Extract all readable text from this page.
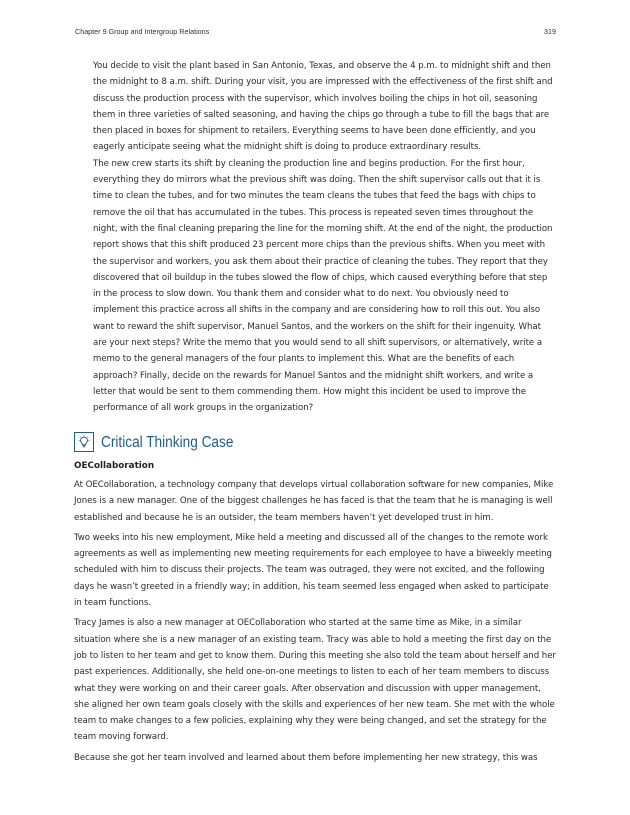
Chapter 9 Group and Intergroup Relations	319

You decide to visit the plant based in San Antonio, Texas, and observe the 4 p.m. to midnight shift and then the midnight to 8 a.m. shift. During your visit, you are impressed with the effectiveness of the first shift and discuss the production process with the supervisor, which involves boiling the chips in hot oil, seasoning them in three varieties of salted seasoning, and having the chips go through a tube to fill the bags that are then placed in boxes for shipment to retailers. Everything seems to have been done efficiently, and you eagerly anticipate seeing what the midnight shift is doing to produce extraordinary results.

The new crew starts its shift by cleaning the production line and begins production. For the first hour, everything they do mirrors what the previous shift was doing. Then the shift supervisor calls out that it is time to clean the tubes, and for two minutes the team cleans the tubes that feed the bags with chips to remove the oil that has accumulated in the tubes. This process is repeated seven times throughout the night, with the final cleaning preparing the line for the morning shift. At the end of the night, the production report shows that this shift produced 23 percent more chips than the previous shifts. When you meet with the supervisor and workers, you ask them about their practice of cleaning the tubes. They report that they discovered that oil buildup in the tubes slowed the flow of chips, which caused everything before that step in the process to slow down. You thank them and consider what to do next. You obviously need to implement this practice across all shifts in the company and are considering how to roll this out. You also want to reward the shift supervisor, Manuel Santos, and the workers on the shift for their ingenuity. What are your next steps? Write the memo that you would send to all shift supervisors, or alternatively, write a memo to the general managers of the four plants to implement this. What are the benefits of each approach? Finally, decide on the rewards for Manuel Santos and the midnight shift workers, and write a letter that would be sent to them commending them. How might this incident be used to improve the performance of all work groups in the organization?

Critical Thinking Case
OECollaboration

At OECollaboration, a technology company that develops virtual collaboration software for new companies, Mike Jones is a new manager. One of the biggest challenges he has faced is that the team that he is managing is well established and because he is an outsider, the team members haven’t yet developed trust in him.

Two weeks into his new employment, Mike held a meeting and discussed all of the changes to the remote work agreements as well as implementing new meeting requirements for each employee to have a biweekly meeting scheduled with him to discuss their projects. The team was outraged, they were not excited, and the following days he wasn’t greeted in a friendly way; in addition, his team seemed less engaged when asked to participate in team functions.

Tracy James is also a new manager at OECollaboration who started at the same time as Mike, in a similar situation where she is a new manager of an existing team. Tracy was able to hold a meeting the first day on the job to listen to her team and get to know them. During this meeting she also told the team about herself and her past experiences. Additionally, she held one-on-one meetings to listen to each of her team members to discuss what they were working on and their career goals. After observation and discussion with upper management, she aligned her own team goals closely with the skills and experiences of her new team. She met with the whole team to make changes to a few policies, explaining why they were being changed, and set the strategy for the team moving forward.

Because she got her team involved and learned about them before implementing her new strategy, this was
